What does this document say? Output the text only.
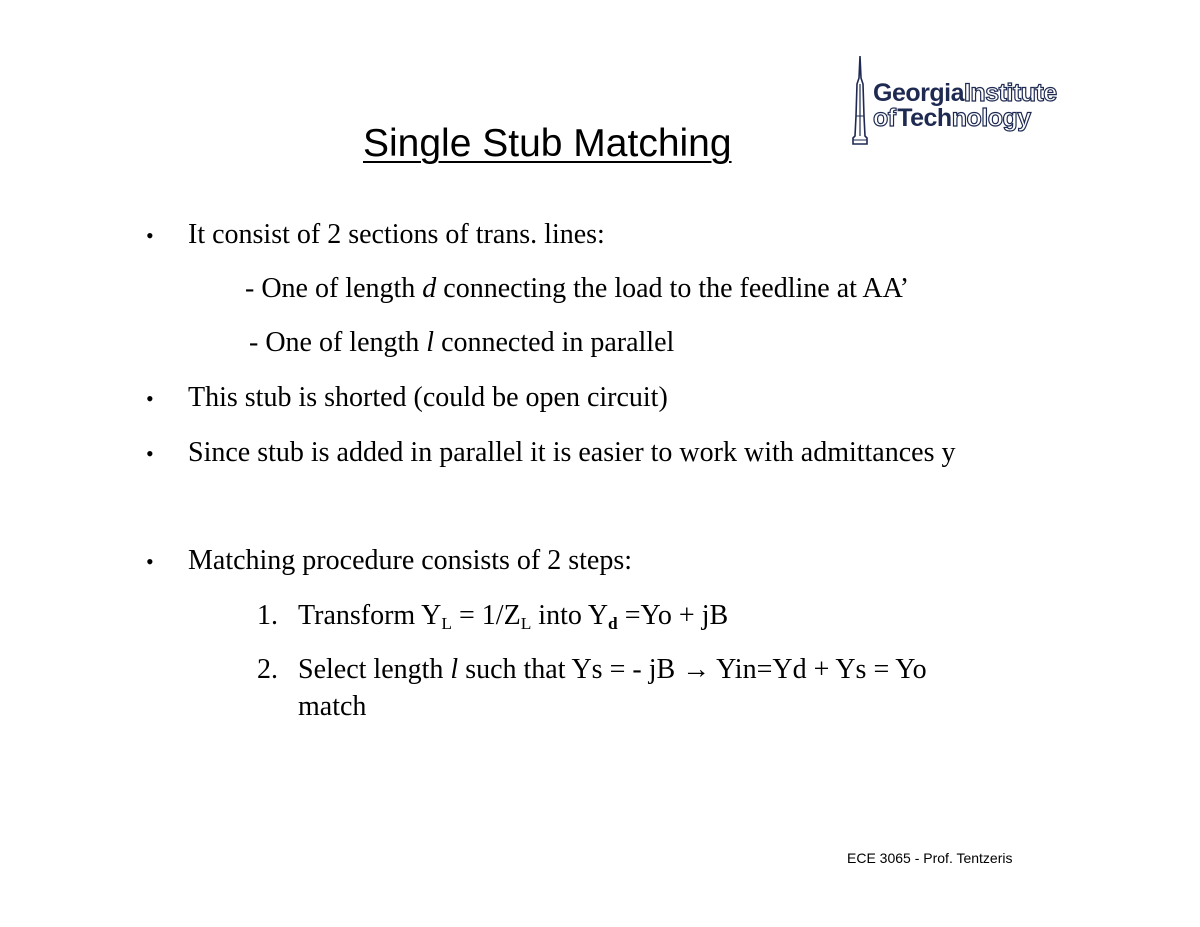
GeorgiaInstitute
of Technology
Single Stub Matching
• It consist of 2 sections of trans. lines:
- One of length d connecting the load to the feedline at AA’
- One of length l connected in parallel
• This stub is shorted (could be open circuit)
• Since stub is added in parallel it is easier to work with admittances y
• Matching procedure consists of 2 steps:
1. Transform $Y_L = 1/Z_L$ into $Y_d =Yo$ + jB
2. Select length l such that Ys = - jB → Yin=Yd + Ys = Yo
match
ECE 3065 - Prof. Tentzeris
